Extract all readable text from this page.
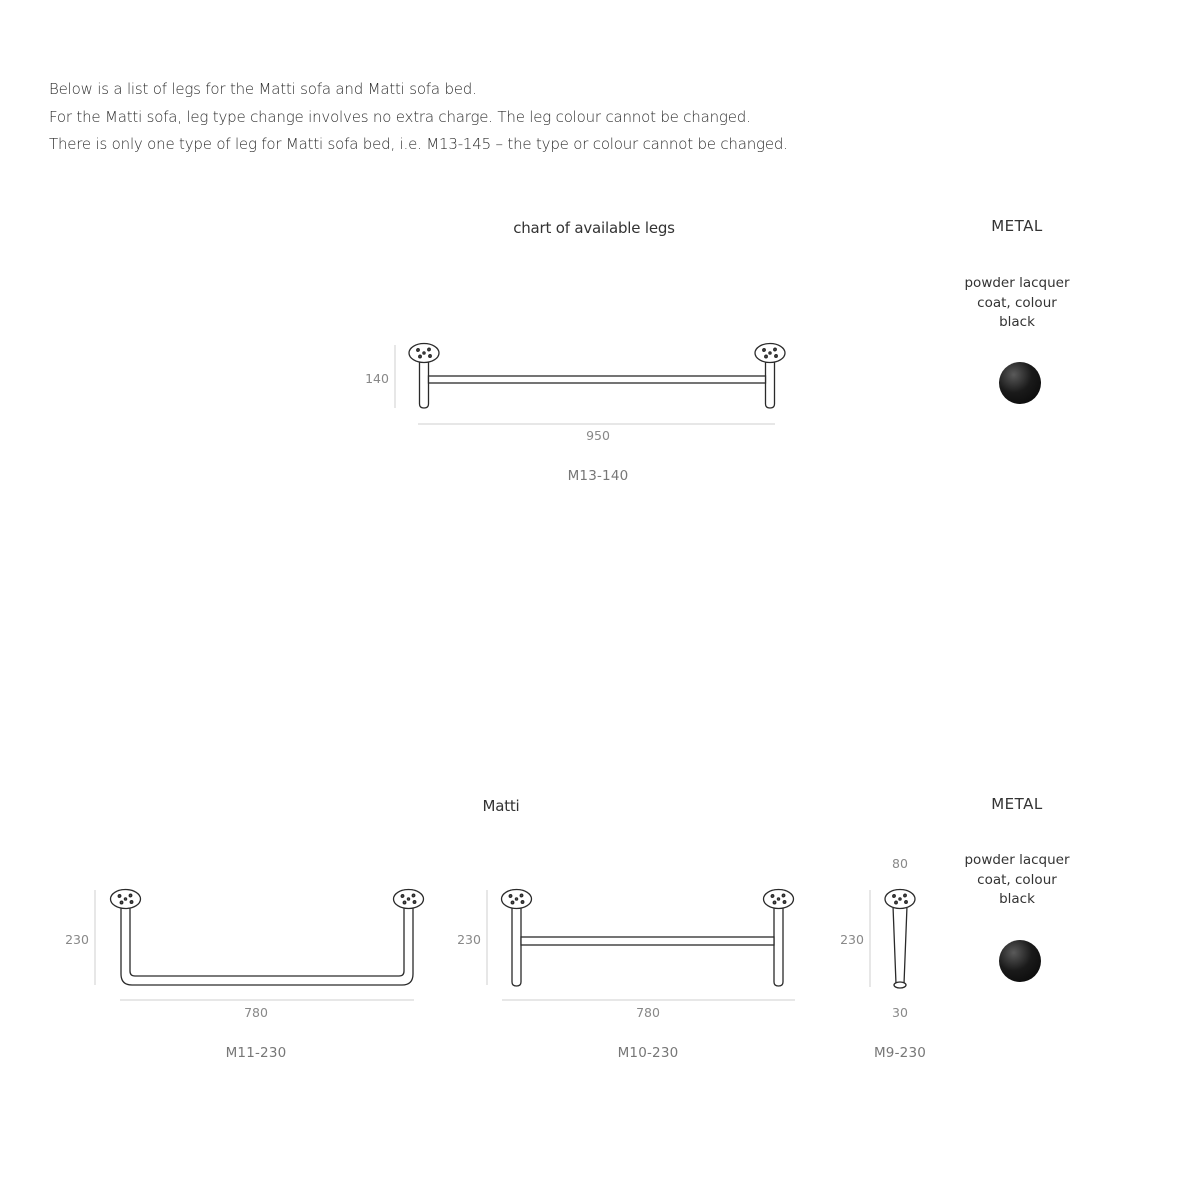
Below is a list of legs for the Matti sofa and Matti sofa bed.

For the Matti sofa, leg type change involves no extra charge. The leg colour cannot be changed.

There is only one type of leg for Matti sofa bed, i.e. M13-145 – the type or colour cannot be changed.

chart of available legs	METAL
powder lacquer
coat, colour
black
140
950
M13-140
Matti	METAL
powder lacquer
coat, colour
black
230
780
M11-230
230
780
M10-230
80
230
30
M9-230
